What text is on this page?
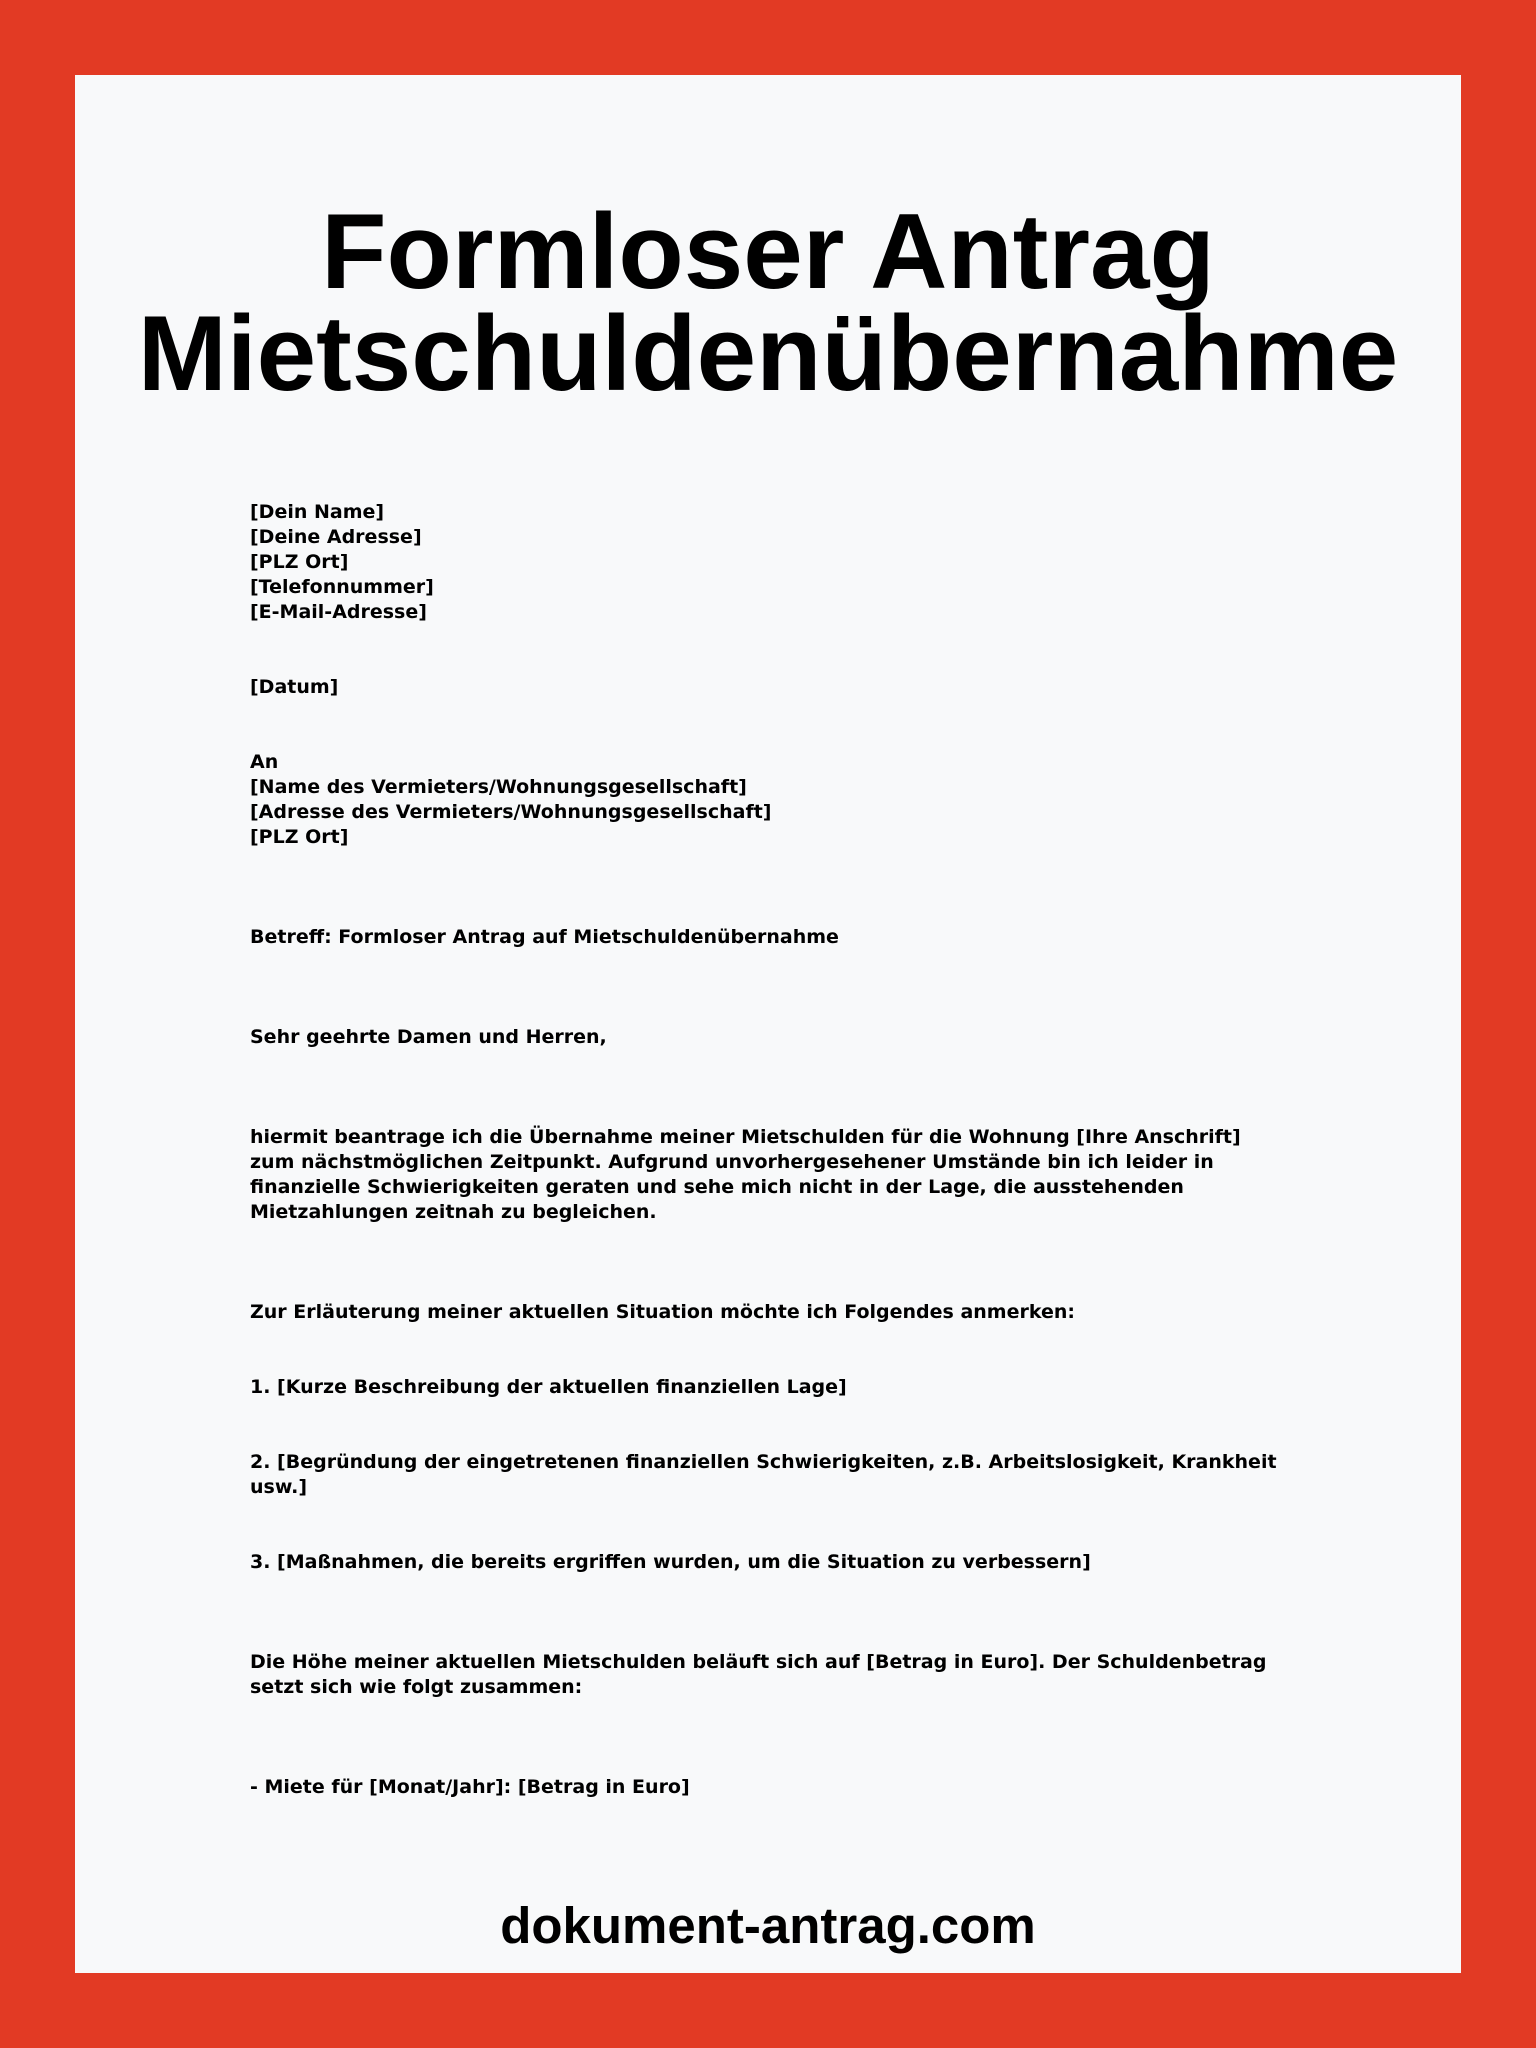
Formloser Antrag
Mietschuldenübernahme

[Dein Name]
[Deine Adresse]
[PLZ Ort]
[Telefonnummer]
[E-Mail-Adresse]

[Datum]

An
[Name des Vermieters/Wohnungsgesellschaft]
[Adresse des Vermieters/Wohnungsgesellschaft]
[PLZ Ort]

Betreff: Formloser Antrag auf Mietschuldenübernahme

Sehr geehrte Damen und Herren,

hiermit beantrage ich die Übernahme meiner Mietschulden für die Wohnung [Ihre Anschrift] zum nächstmöglichen Zeitpunkt. Aufgrund unvorhergesehener Umstände bin ich leider in finanzielle Schwierigkeiten geraten und sehe mich nicht in der Lage, die ausstehenden Mietzahlungen zeitnah zu begleichen.

Zur Erläuterung meiner aktuellen Situation möchte ich Folgendes anmerken:

1. [Kurze Beschreibung der aktuellen finanziellen Lage]

2. [Begründung der eingetretenen finanziellen Schwierigkeiten, z.B. Arbeitslosigkeit, Krankheit usw.]

3. [Maßnahmen, die bereits ergriffen wurden, um die Situation zu verbessern]

Die Höhe meiner aktuellen Mietschulden beläuft sich auf [Betrag in Euro]. Der Schuldenbetrag setzt sich wie folgt zusammen:

- Miete für [Monat/Jahr]: [Betrag in Euro]

dokument-antrag.com
